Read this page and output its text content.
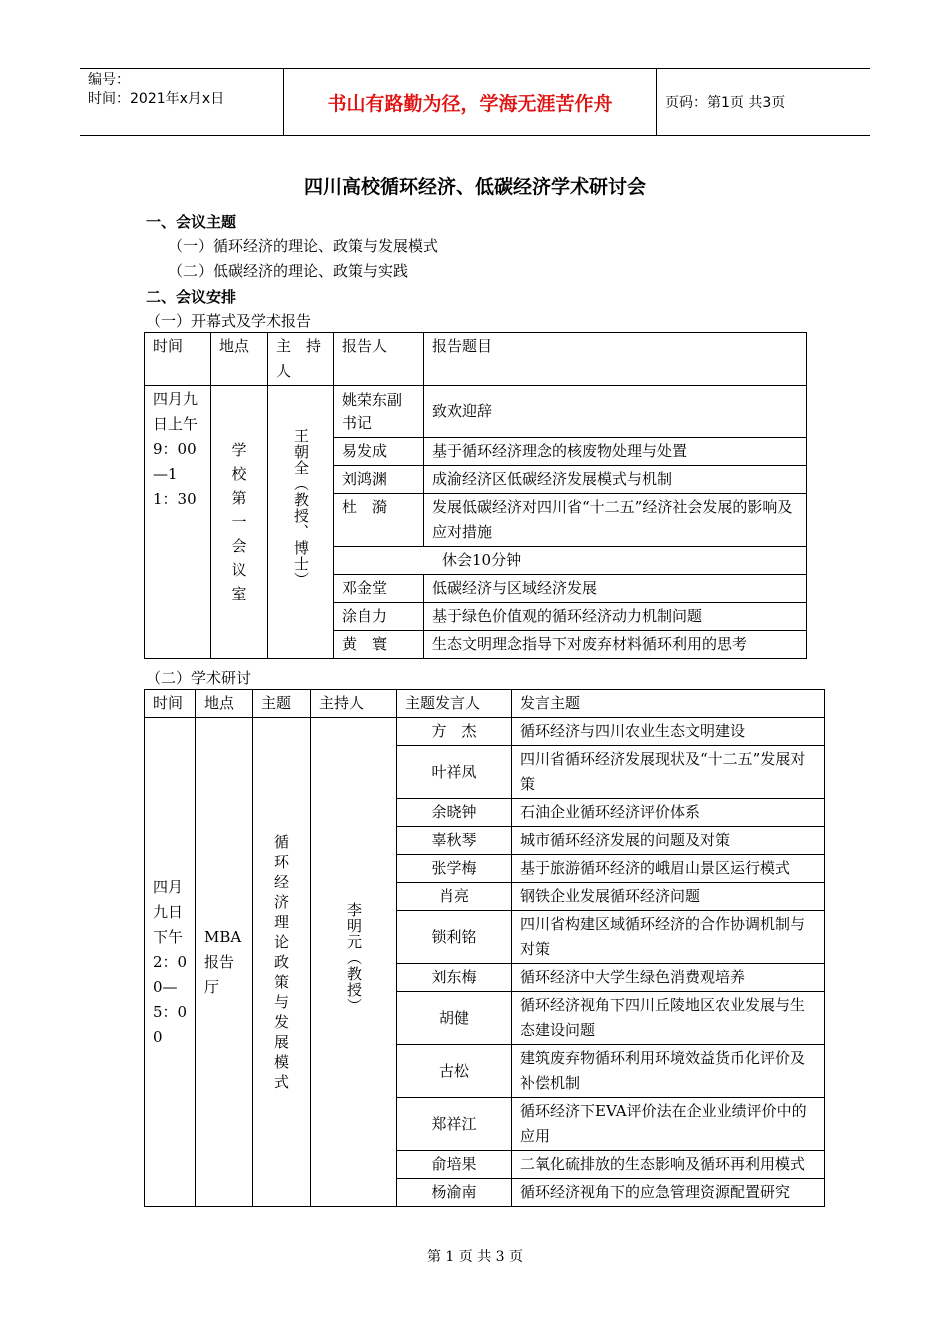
编号：
时间：2021年x月x日	书山有路勤为径，学海无涯苦作舟	页码：第1页 共3页
四川高校循环经济、低碳经济学术研讨会
一、会议主题
（一）循环经济的理论、政策与发展模式
（二）低碳经济的理论、政策与实践
二、会议安排
（一）开幕式及学术报告
时间	地点	主　持人	报告人	报告题目
四月九日上午9：00—11：30	学校第一会议室	王朝全（教授、博士）	姚荣东副书记	致欢迎辞
			易发成	基于循环经济理念的核废物处理与处置
			刘鸿渊	成渝经济区低碳经济发展模式与机制
			杜　漪	发展低碳经济对四川省“十二五”经济社会发展的影响及应对措施
			休会10分钟	
			邓金堂	低碳经济与区域经济发展
			涂自力	基于绿色价值观的循环经济动力机制问题
			黄　寰	生态文明理念指导下对废弃材料循环利用的思考
（二）学术研讨
时间	地点	主题	主持人	主题发言人	发言主题
四月九日下午2：00—5：00	MBA报告厅	循环经济理论政策与发展模式	李明元（教授）	方　杰	循环经济与四川农业生态文明建设
				叶祥凤	四川省循环经济发展现状及“十二五”发展对策
				余晓钟	石油企业循环经济评价体系
				辜秋琴	城市循环经济发展的问题及对策
				张学梅	基于旅游循环经济的峨眉山景区运行模式
				肖亮	钢铁企业发展循环经济问题
				锁利铭	四川省构建区域循环经济的合作协调机制与对策
				刘东梅	循环经济中大学生绿色消费观培养
				胡健	循环经济视角下四川丘陵地区农业发展与生态建设问题
				古松	建筑废弃物循环利用环境效益货币化评价及补偿机制
				郑祥江	循环经济下EVA评价法在企业业绩评价中的应用
				俞培果	二氧化硫排放的生态影响及循环再利用模式
				杨渝南	循环经济视角下的应急管理资源配置研究
第 1 页 共 3 页
